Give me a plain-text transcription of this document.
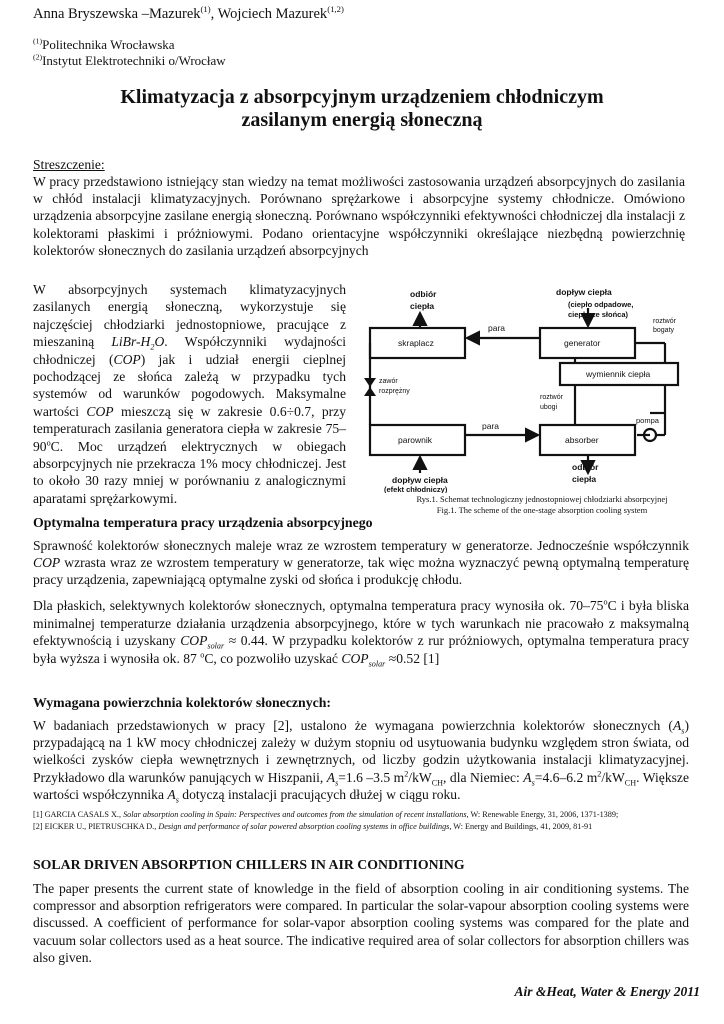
Anna Bryszewska –Mazurek$^{(1)}$, Wojciech Mazurek$^{(1,2)}$
$^{(1)}$Politechnika Wrocławska
$^{(2)}$Instytut Elektrotechniki o/Wrocław
Klimatyzacja z absorpcyjnym urządzeniem chłodniczym
zasilanym energią słoneczną
Streszczenie:
W pracy przedstawiono istniejący stan wiedzy na temat możliwości zastosowania urządzeń absorpcyjnych do zasilania w chłód instalacji klimatyzacyjnych. Porównano sprężarkowe i absorpcyjne systemy chłodnicze. Omówiono urządzenia absorpcyjne zasilane energią słoneczną. Porównano współczynniki efektywności chłodniczej dla instalacji z kolektorami płaskimi i próżniowymi. Podano orientacyjne współczynniki określające niezbędną powierzchnię kolektorów słonecznych do zasilania urządzeń absorpcyjnych
W absorpcyjnych systemach klimatyzacyjnych zasilanych energią słoneczną, wykorzystuje się najczęściej chłodziarki jednostopniowe, pracujące z mieszaniną LiBr-$H_2O$. Współczynniki wydajności chłodniczej (COP) jak i udział energii cieplnej pochodzącej ze słońca zależą w przypadku tych systemów od warunków pogodowych. Maksymalne wartości COP mieszczą się w zakresie 0.6÷0.7, przy temperaturach zasilania generatora ciepła w zakresie 75–90$^o$C. Moc urządzeń elektrycznych w obiegach absorpcyjnych nie przekracza 1% mocy chłodniczej. Jest to około 30 razy mniej w porównaniu z analogicznymi aparatami sprężarkowymi.
odbiór
ciepła
dopływ ciepła
(ciepło odpadowe,
ciepło ze słońca)
roztwór
bogaty
para
skraplacz	generator
wymiennik ciepła
zawór
rozprężny
roztwór
ubogi
pompa
para
parownik	absorber
dopływ ciepła
(efekt chłodniczy)
odbiór
ciepła
Rys.1. Schemat technologiczny jednostopniowej chłodziarki absorpcyjnej
Fig.1. The scheme of the one-stage absorption cooling system
Optymalna temperatura pracy urządzenia absorpcyjnego
Sprawność kolektorów słonecznych maleje wraz ze wzrostem temperatury w generatorze. Jednocześnie współczynnik COP wzrasta wraz ze wzrostem temperatury w generatorze, tak więc można wyznaczyć pewną optymalną temperaturę pracy urządzenia, zapewniającą optymalne zyski od słońca i produkcję chłodu.
Dla płaskich, selektywnych kolektorów słonecznych, optymalna temperatura pracy wynosiła ok. 70–75$^o$C i była bliska minimalnej temperaturze działania urządzenia absorpcyjnego, które w tych warunkach nie pracowało z maksymalną efektywnością i uzyskany $COP_{solar} \approx 0.44$. W przypadku kolektorów z rur próżniowych, optymalna temperatura pracy była wyższa i wynosiła ok. 87 $^o$C, co pozwoliło uzyskać $COP_{solar} \approx 0.52$ [1]
Wymagana powierzchnia kolektorów słonecznych:
W badaniach przedstawionych w pracy [2], ustalono że wymagana powierzchnia kolektorów słonecznych $(A_s)$ przypadającą na 1 kW mocy chłodniczej zależy w dużym stopniu od usytuowania budynku względem stron świata, od wielkości zysków ciepła wewnętrznych i zewnętrznych, od liczby godzin użytkowania instalacji klimatyzacyjnej. Przykładowo dla warunków panujących w Hiszpanii, $A_s=1.6$ –3.5 $m^2/kW_{CH}$, dla Niemiec: $A_s=4.6-6.2$ $m^2/kW_{CH}$. Większe wartości współczynnika $A_s$ dotyczą instalacji pracujących dłużej w ciągu roku.
[1] GARCIA CASALS X., Solar absorption cooling in Spain: Perspectives and outcomes from the simulation of recent installations, W: Renewable Energy, 31, 2006, 1371-1389;
[2] EICKER U., PIETRUSCHKA D., Design and performance of solar powered absorption cooling systems in office buildings, W: Energy and Buildings, 41, 2009, 81-91
SOLAR DRIVEN ABSORPTION CHILLERS IN AIR CONDITIONING
The paper presents the current state of knowledge in the field of absorption cooling in air conditioning systems. The compressor and absorption refrigerators were compared. In particular the solar-vapour absorption cooling systems were discussed. A coefficient of performance for solar-vapor absorption cooling systems was compared for the plate and vacuum solar collectors used as a heat source. The indicative required area of solar collectors for absorption chillers was also given.
Air &Heat, Water & Energy 2011
